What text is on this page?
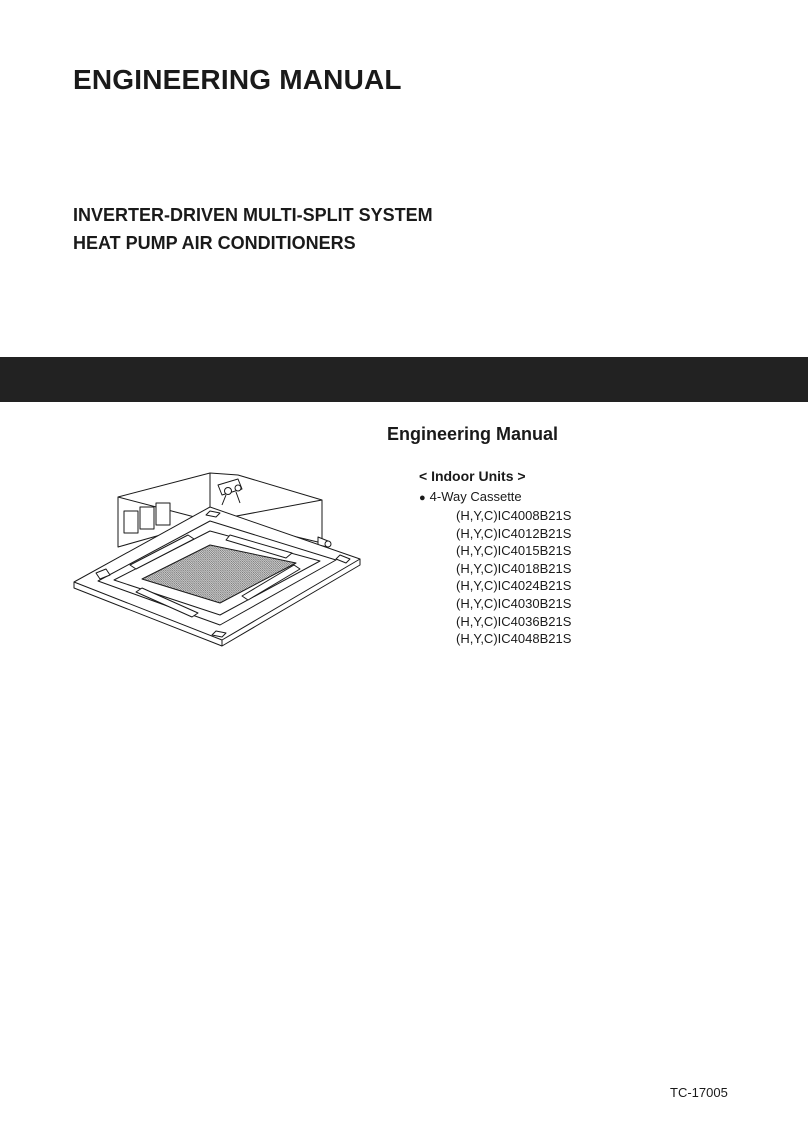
ENGINEERING MANUAL
INVERTER-DRIVEN MULTI-SPLIT SYSTEM
HEAT PUMP AIR CONDITIONERS
Engineering Manual
< Indoor Units >
● 4-Way Cassette
(H,Y,C)IC4008B21S
(H,Y,C)IC4012B21S
(H,Y,C)IC4015B21S
(H,Y,C)IC4018B21S
(H,Y,C)IC4024B21S
(H,Y,C)IC4030B21S
(H,Y,C)IC4036B21S
(H,Y,C)IC4048B21S
TC-17005
